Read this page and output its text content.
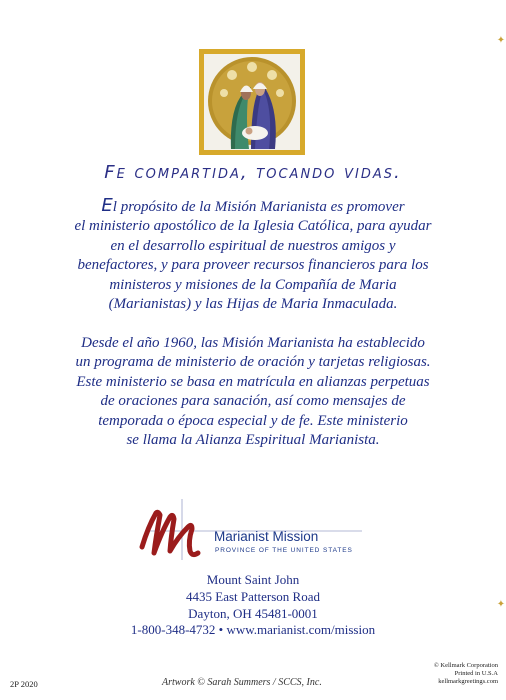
✦
✦
Fe compartida, tocando vidas.
El propósito de la Misión Marianista es promover
el ministerio apostólico de la Iglesia Católica, para ayudar
en el desarrollo espiritual de nuestros amigos y
benefactores, y para proveer recursos financieros para los
ministeros y misiones de la Compañía de Maria
(Marianistas) y las Hijas de Maria Inmaculada.
Desde el año 1960, las Misión Marianista ha establecido
un programa de ministerio de oración y tarjetas religiosas.
Este ministerio se basa en matrícula en alianzas perpetuas
de oraciones para sanación, así como mensajes de
temporada o época especial y de fe. Este ministerio
se llama la Alianza Espiritual Marianista.
Marianist Mission
PROVINCE OF THE UNITED STATES
Mount Saint John
4435 East Patterson Road
Dayton, OH 45481-0001
1-800-348-4732 • www.marianist.com/mission
2P 2020	Artwork © Sarah Summers / SCCS, Inc.
© Kellmark Corporation
Printed in U.S.A
kellmarkgreetings.com
